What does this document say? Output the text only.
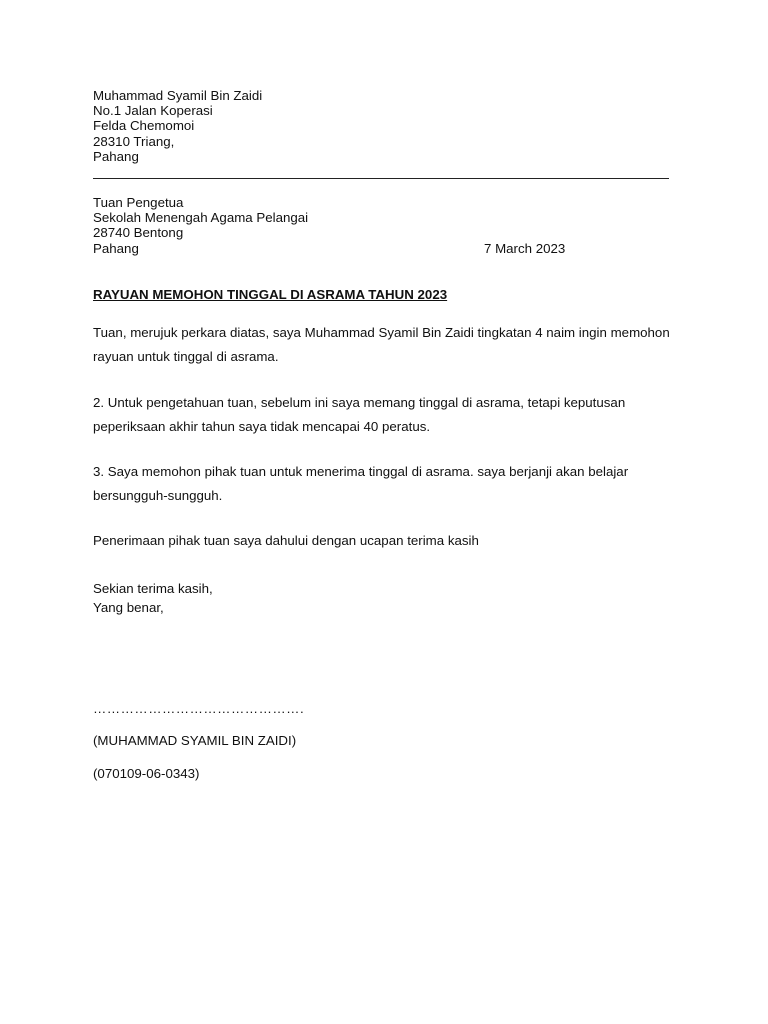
Muhammad Syamil Bin Zaidi
No.1 Jalan Koperasi
Felda Chemomoi
28310 Triang,
Pahang
Tuan Pengetua
Sekolah Menengah Agama Pelangai
28740 Bentong
Pahang	7 March 2023
RAYUAN MEMOHON TINGGAL DI ASRAMA TAHUN 2023
Tuan, merujuk perkara diatas, saya Muhammad Syamil Bin Zaidi tingkatan 4 naim ingin memohon rayuan untuk tinggal di asrama.
2. Untuk pengetahuan tuan, sebelum ini saya memang tinggal di asrama, tetapi keputusan peperiksaan akhir tahun saya tidak mencapai 40 peratus.
3. Saya memohon pihak tuan untuk menerima tinggal di asrama. saya berjanji akan belajar bersungguh-sungguh.
Penerimaan pihak tuan saya dahului dengan ucapan terima kasih
Sekian terima kasih,
Yang benar,
……………………………………….
(MUHAMMAD SYAMIL BIN ZAIDI)
(070109-06-0343)
